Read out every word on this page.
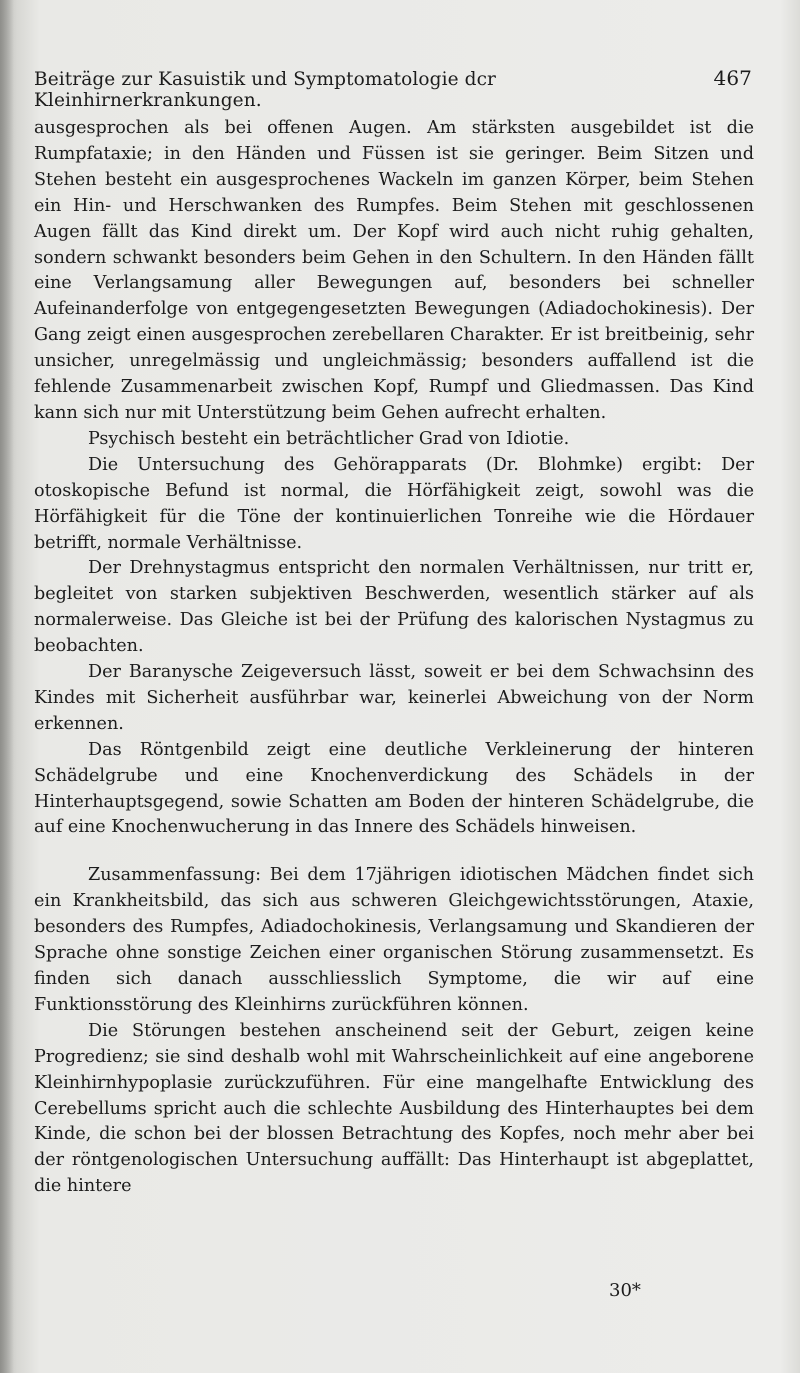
Beiträge zur Kasuistik und Symptomatologie dcr Kleinhirnerkrankungen.
467

ausgesprochen als bei offenen Augen. Am stärksten ausgebildet ist die Rumpfataxie; in den Händen und Füssen ist sie geringer. Beim Sitzen und Stehen besteht ein ausgesprochenes Wackeln im ganzen Körper, beim Stehen ein Hin- und Herschwanken des Rumpfes. Beim Stehen mit geschlossenen Augen fällt das Kind direkt um. Der Kopf wird auch nicht ruhig gehalten, sondern schwankt besonders beim Gehen in den Schultern. In den Händen fällt eine Verlangsamung aller Bewegungen auf, besonders bei schneller Aufeinanderfolge von entgegengesetzten Bewegungen (Adiadochokinesis). Der Gang zeigt einen ausgesprochen zerebellaren Charakter. Er ist breitbeinig, sehr unsicher, unregelmässig und ungleichmässig; besonders auffallend ist die fehlende Zusammenarbeit zwischen Kopf, Rumpf und Gliedmassen. Das Kind kann sich nur mit Unterstützung beim Gehen aufrecht erhalten.

Psychisch besteht ein beträchtlicher Grad von Idiotie.

Die Untersuchung des Gehörapparats (Dr. Blohmke) ergibt: Der otoskopische Befund ist normal, die Hörfähigkeit zeigt, sowohl was die Hörfähigkeit für die Töne der kontinuierlichen Tonreihe wie die Hördauer betrifft, normale Verhältnisse.

Der Drehnystagmus entspricht den normalen Verhältnissen, nur tritt er, begleitet von starken subjektiven Beschwerden, wesentlich stärker auf als normalerweise. Das Gleiche ist bei der Prüfung des kalorischen Nystagmus zu beobachten.

Der Baranysche Zeigeversuch lässt, soweit er bei dem Schwachsinn des Kindes mit Sicherheit ausführbar war, keinerlei Abweichung von der Norm erkennen.

Das Röntgenbild zeigt eine deutliche Verkleinerung der hinteren Schädelgrube und eine Knochenverdickung des Schädels in der Hinterhauptsgegend, sowie Schatten am Boden der hinteren Schädelgrube, die auf eine Knochenwucherung in das Innere des Schädels hinweisen.

Zusammenfassung: Bei dem 17jährigen idiotischen Mädchen findet sich ein Krankheitsbild, das sich aus schweren Gleichgewichtsstörungen, Ataxie, besonders des Rumpfes, Adiadochokinesis, Verlangsamung und Skandieren der Sprache ohne sonstige Zeichen einer organischen Störung zusammensetzt. Es finden sich danach ausschliesslich Symptome, die wir auf eine Funktionsstörung des Kleinhirns zurückführen können.

Die Störungen bestehen anscheinend seit der Geburt, zeigen keine Progredienz; sie sind deshalb wohl mit Wahrscheinlichkeit auf eine angeborene Kleinhirnhypoplasie zurückzuführen. Für eine mangelhafte Entwicklung des Cerebellums spricht auch die schlechte Ausbildung des Hinterhauptes bei dem Kinde, die schon bei der blossen Betrachtung des Kopfes, noch mehr aber bei der röntgenologischen Untersuchung auffällt: Das Hinterhaupt ist abgeplattet, die hintere

30*
